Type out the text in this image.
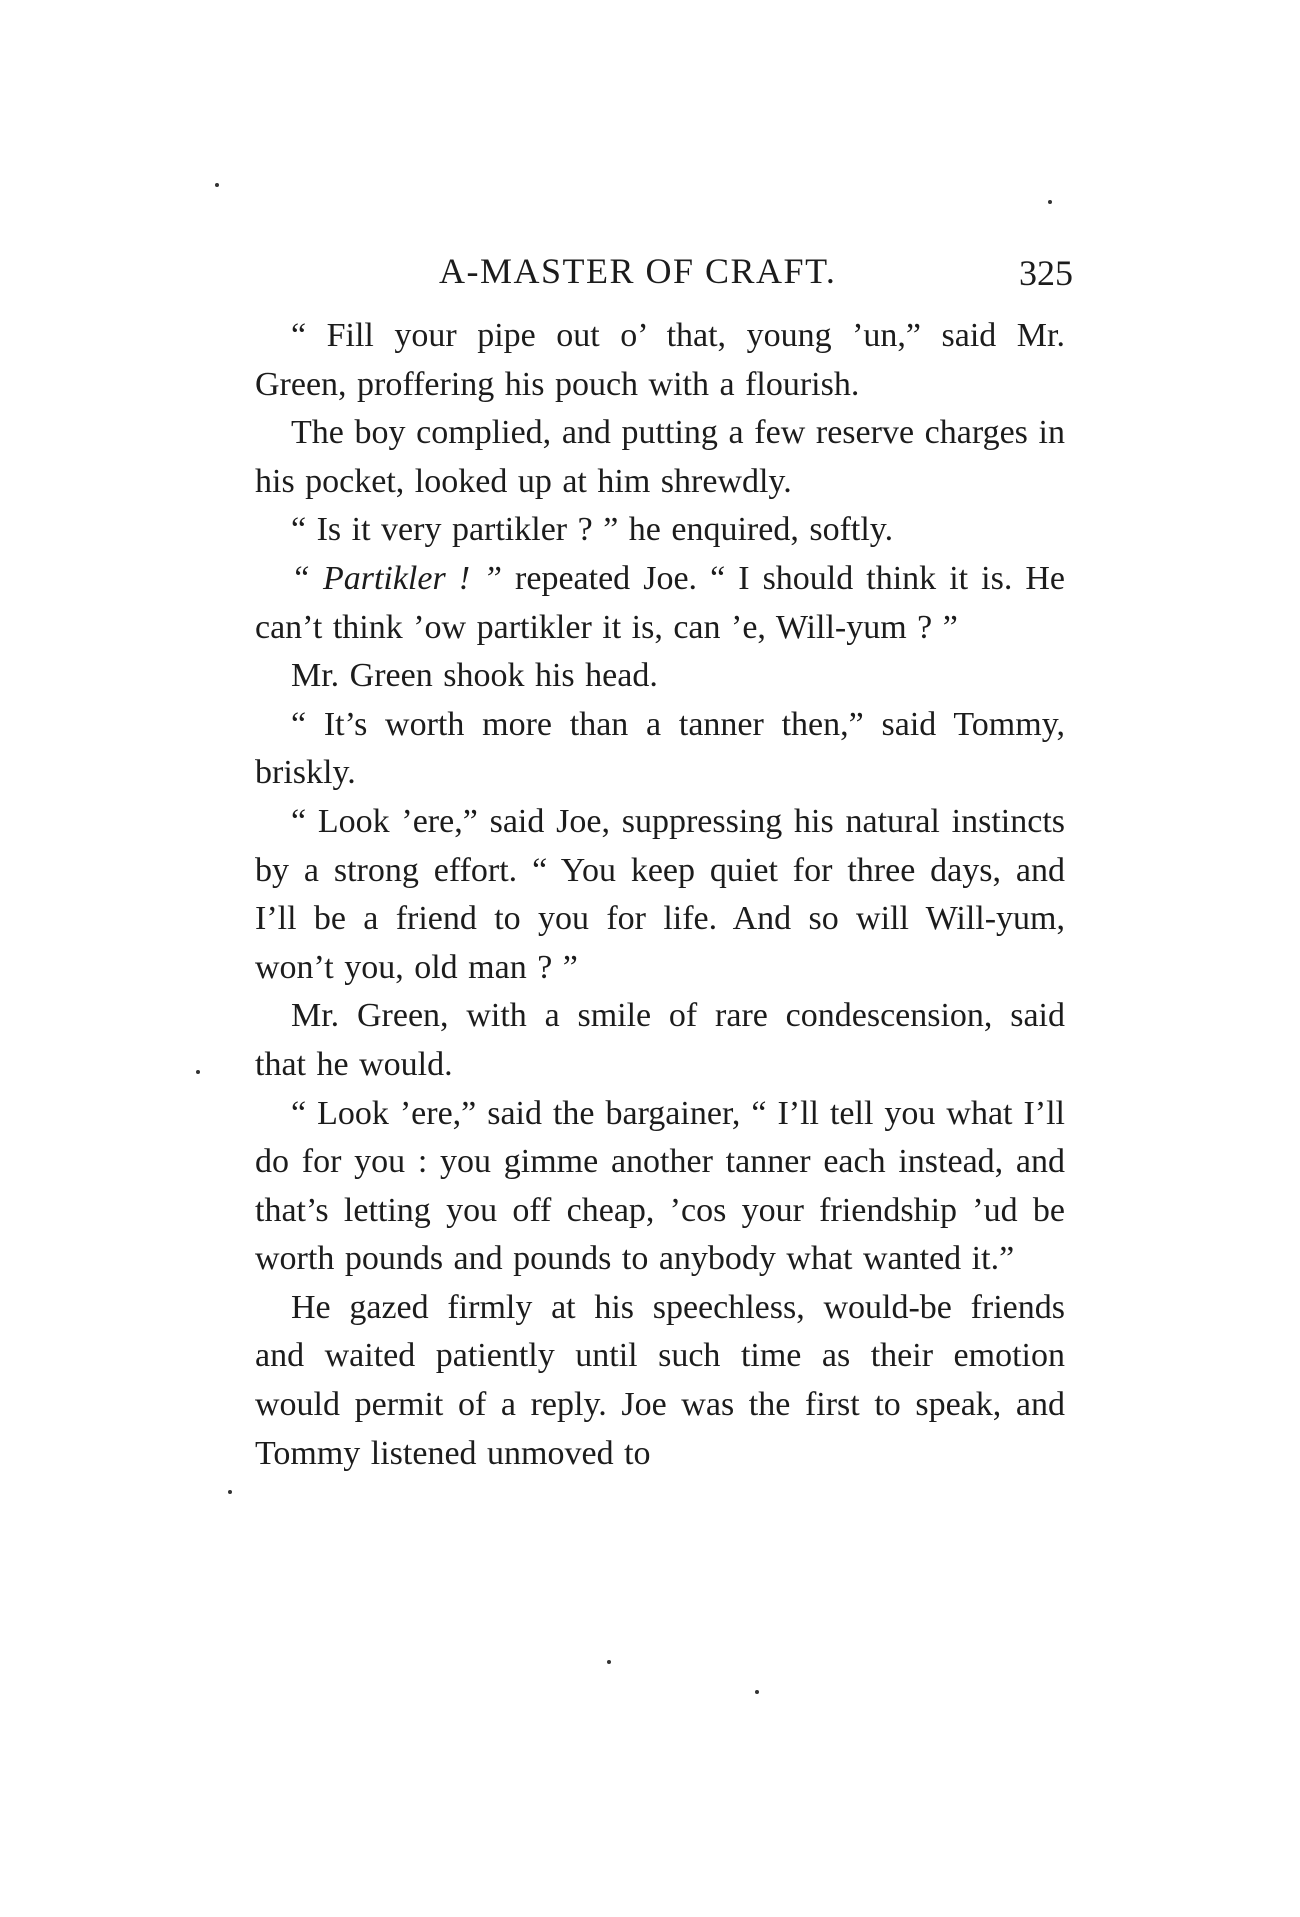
A-MASTER OF CRAFT.	325

“ Fill your pipe out o’ that, young ’un,” said Mr. Green, proffering his pouch with a flourish.

The boy complied, and putting a few reserve charges in his pocket, looked up at him shrewdly.

“ Is it very partikler ? ” he enquired, softly.

“ Partikler ! ” repeated Joe. “ I should think it is. He can’t think ’ow partikler it is, can ’e, Will-yum ? ”

Mr. Green shook his head.

“ It’s worth more than a tanner then,” said Tommy, briskly.

“ Look ’ere,” said Joe, suppressing his natural instincts by a strong effort. “ You keep quiet for three days, and I’ll be a friend to you for life. And so will Will-yum, won’t you, old man ? ”

Mr. Green, with a smile of rare condescension, said that he would.

“ Look ’ere,” said the bargainer, “ I’ll tell you what I’ll do for you : you gimme another tanner each instead, and that’s letting you off cheap, ’cos your friendship ’ud be worth pounds and pounds to anybody what wanted it.”

He gazed firmly at his speechless, would-be friends and waited patiently until such time as their emotion would permit of a reply. Joe was the first to speak, and Tommy listened unmoved to
